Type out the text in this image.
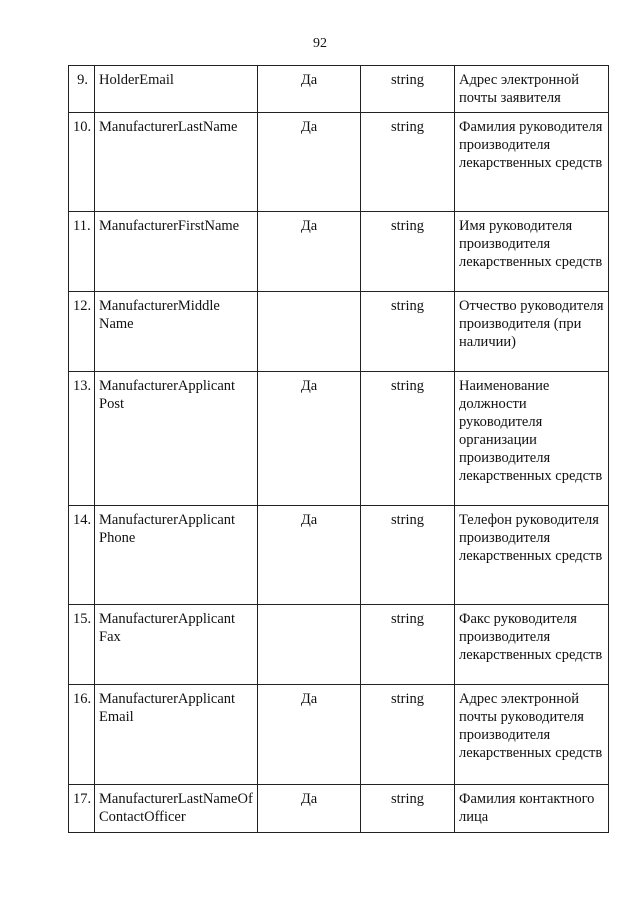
92
9.	HolderEmail	Да	string	Адрес электронной почты заявителя

10.	ManufacturerLastName	Да	string	Фамилия руководителя производителя лекарственных средств

11.	ManufacturerFirstName	Да	string	Имя руководителя производителя лекарственных средств

12.	ManufacturerMiddle Name		string	Отчество руководителя производителя (при наличии)

13.	ManufacturerApplicant Post	Да	string	Наименование должности руководителя организации производителя лекарственных средств

14.	ManufacturerApplicant Phone	Да	string	Телефон руководителя производителя лекарственных средств

15.	ManufacturerApplicant Fax		string	Факс руководителя производителя лекарственных средств

16.	ManufacturerApplicant Email	Да	string	Адрес электронной почты руководителя производителя лекарственных средств

17.	ManufacturerLastNameOf ContactOfficer	Да	string	Фамилия контактного лица
